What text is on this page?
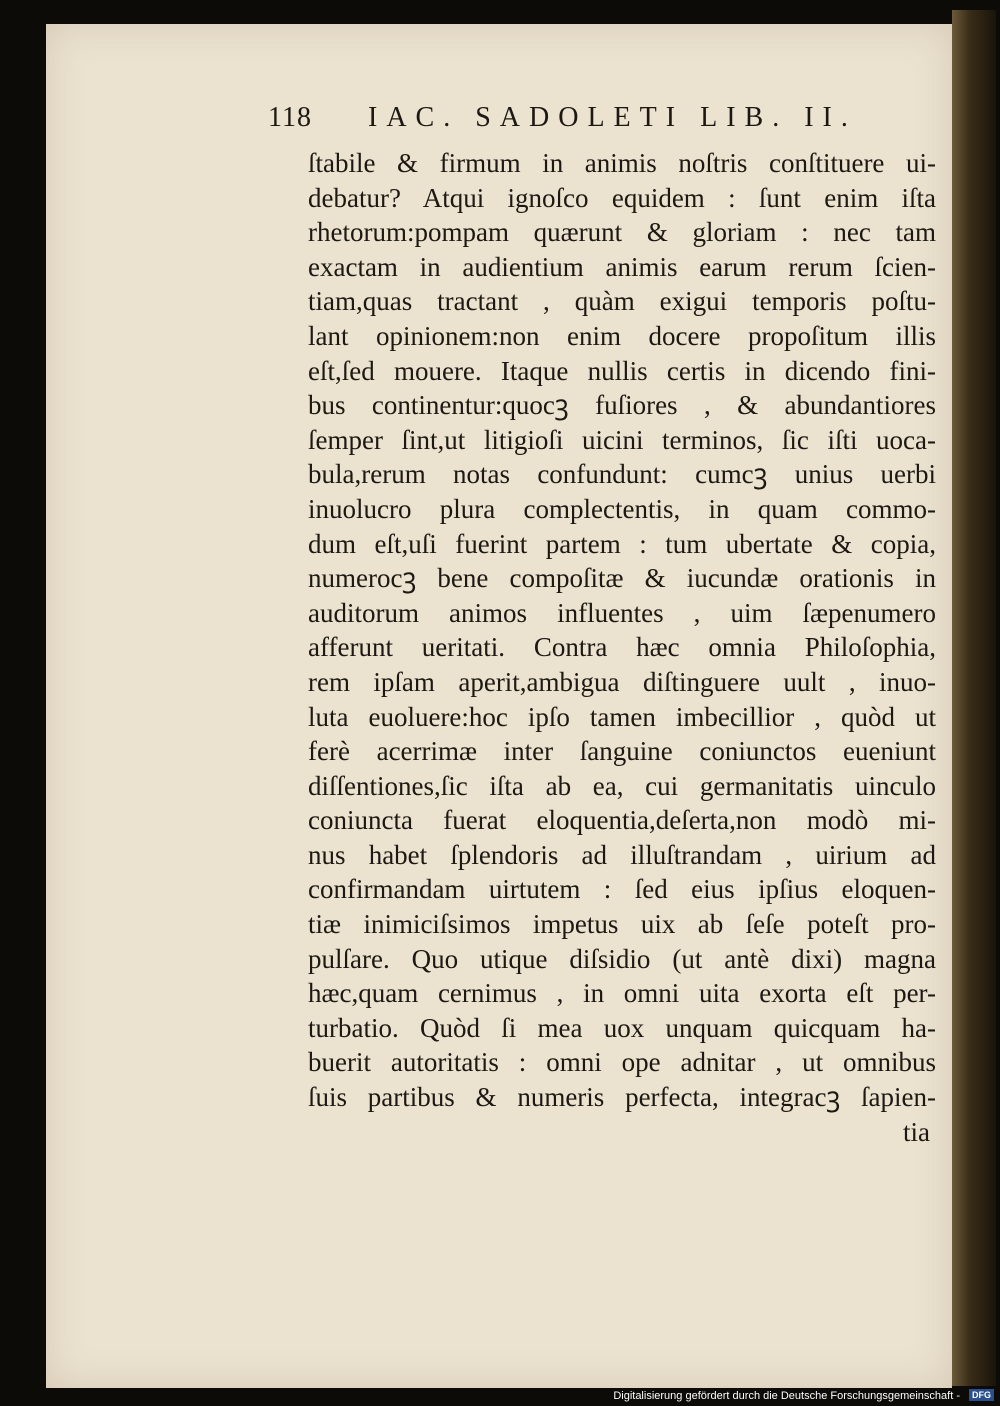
118 IAC. SADOLETI LIB. II.
ſtabile & firmum in animis noſtris conſtituere ui-
debatur? Atqui ignoſco equidem : ſunt enim iſta
rhetorum:pompam quærunt & gloriam : nec tam
exactam in audientium animis earum rerum ſcien-
tiam,quas tractant , quàm exigui temporis poſtu-
lant opinionem:non enim docere propoſitum illis
eſt,ſed mouere. Itaque nullis certis in dicendo fini-
bus continentur:quocꝫ fuſiores , & abundantiores
ſemper ſint,ut litigioſi uicini terminos, ſic iſti uoca-
bula,rerum notas confundunt: cumcꝫ unius uerbi
inuolucro plura complectentis, in quam commo-
dum eſt,uſi fuerint partem : tum ubertate & copia,
numerocꝫ bene compoſitæ & iucundæ orationis in
auditorum animos influentes , uim ſæpenumero
afferunt ueritati. Contra hæc omnia Philoſophia,
rem ipſam aperit,ambigua diſtinguere uult , inuo-
luta euoluere:hoc ipſo tamen imbecillior , quòd ut
ferè acerrimæ inter ſanguine coniunctos eueniunt
diſſentiones,ſic iſta ab ea, cui germanitatis uinculo
coniuncta fuerat eloquentia,deſerta,non modò mi-
nus habet ſplendoris ad illuſtrandam , uirium ad
confirmandam uirtutem : ſed eius ipſius eloquen-
tiæ inimiciſsimos impetus uix ab ſeſe poteſt pro-
pulſare. Quo utique diſsidio (ut antè dixi) magna
hæc,quam cernimus , in omni uita exorta eſt per-
turbatio. Quòd ſi mea uox unquam quicquam ha-
buerit autoritatis : omni ope adnitar , ut omnibus
ſuis partibus & numeris perfecta, integracꝫ ſapien-
tia
Digitalisierung gefördert durch die Deutsche Forschungsgemeinschaft -	DFG
